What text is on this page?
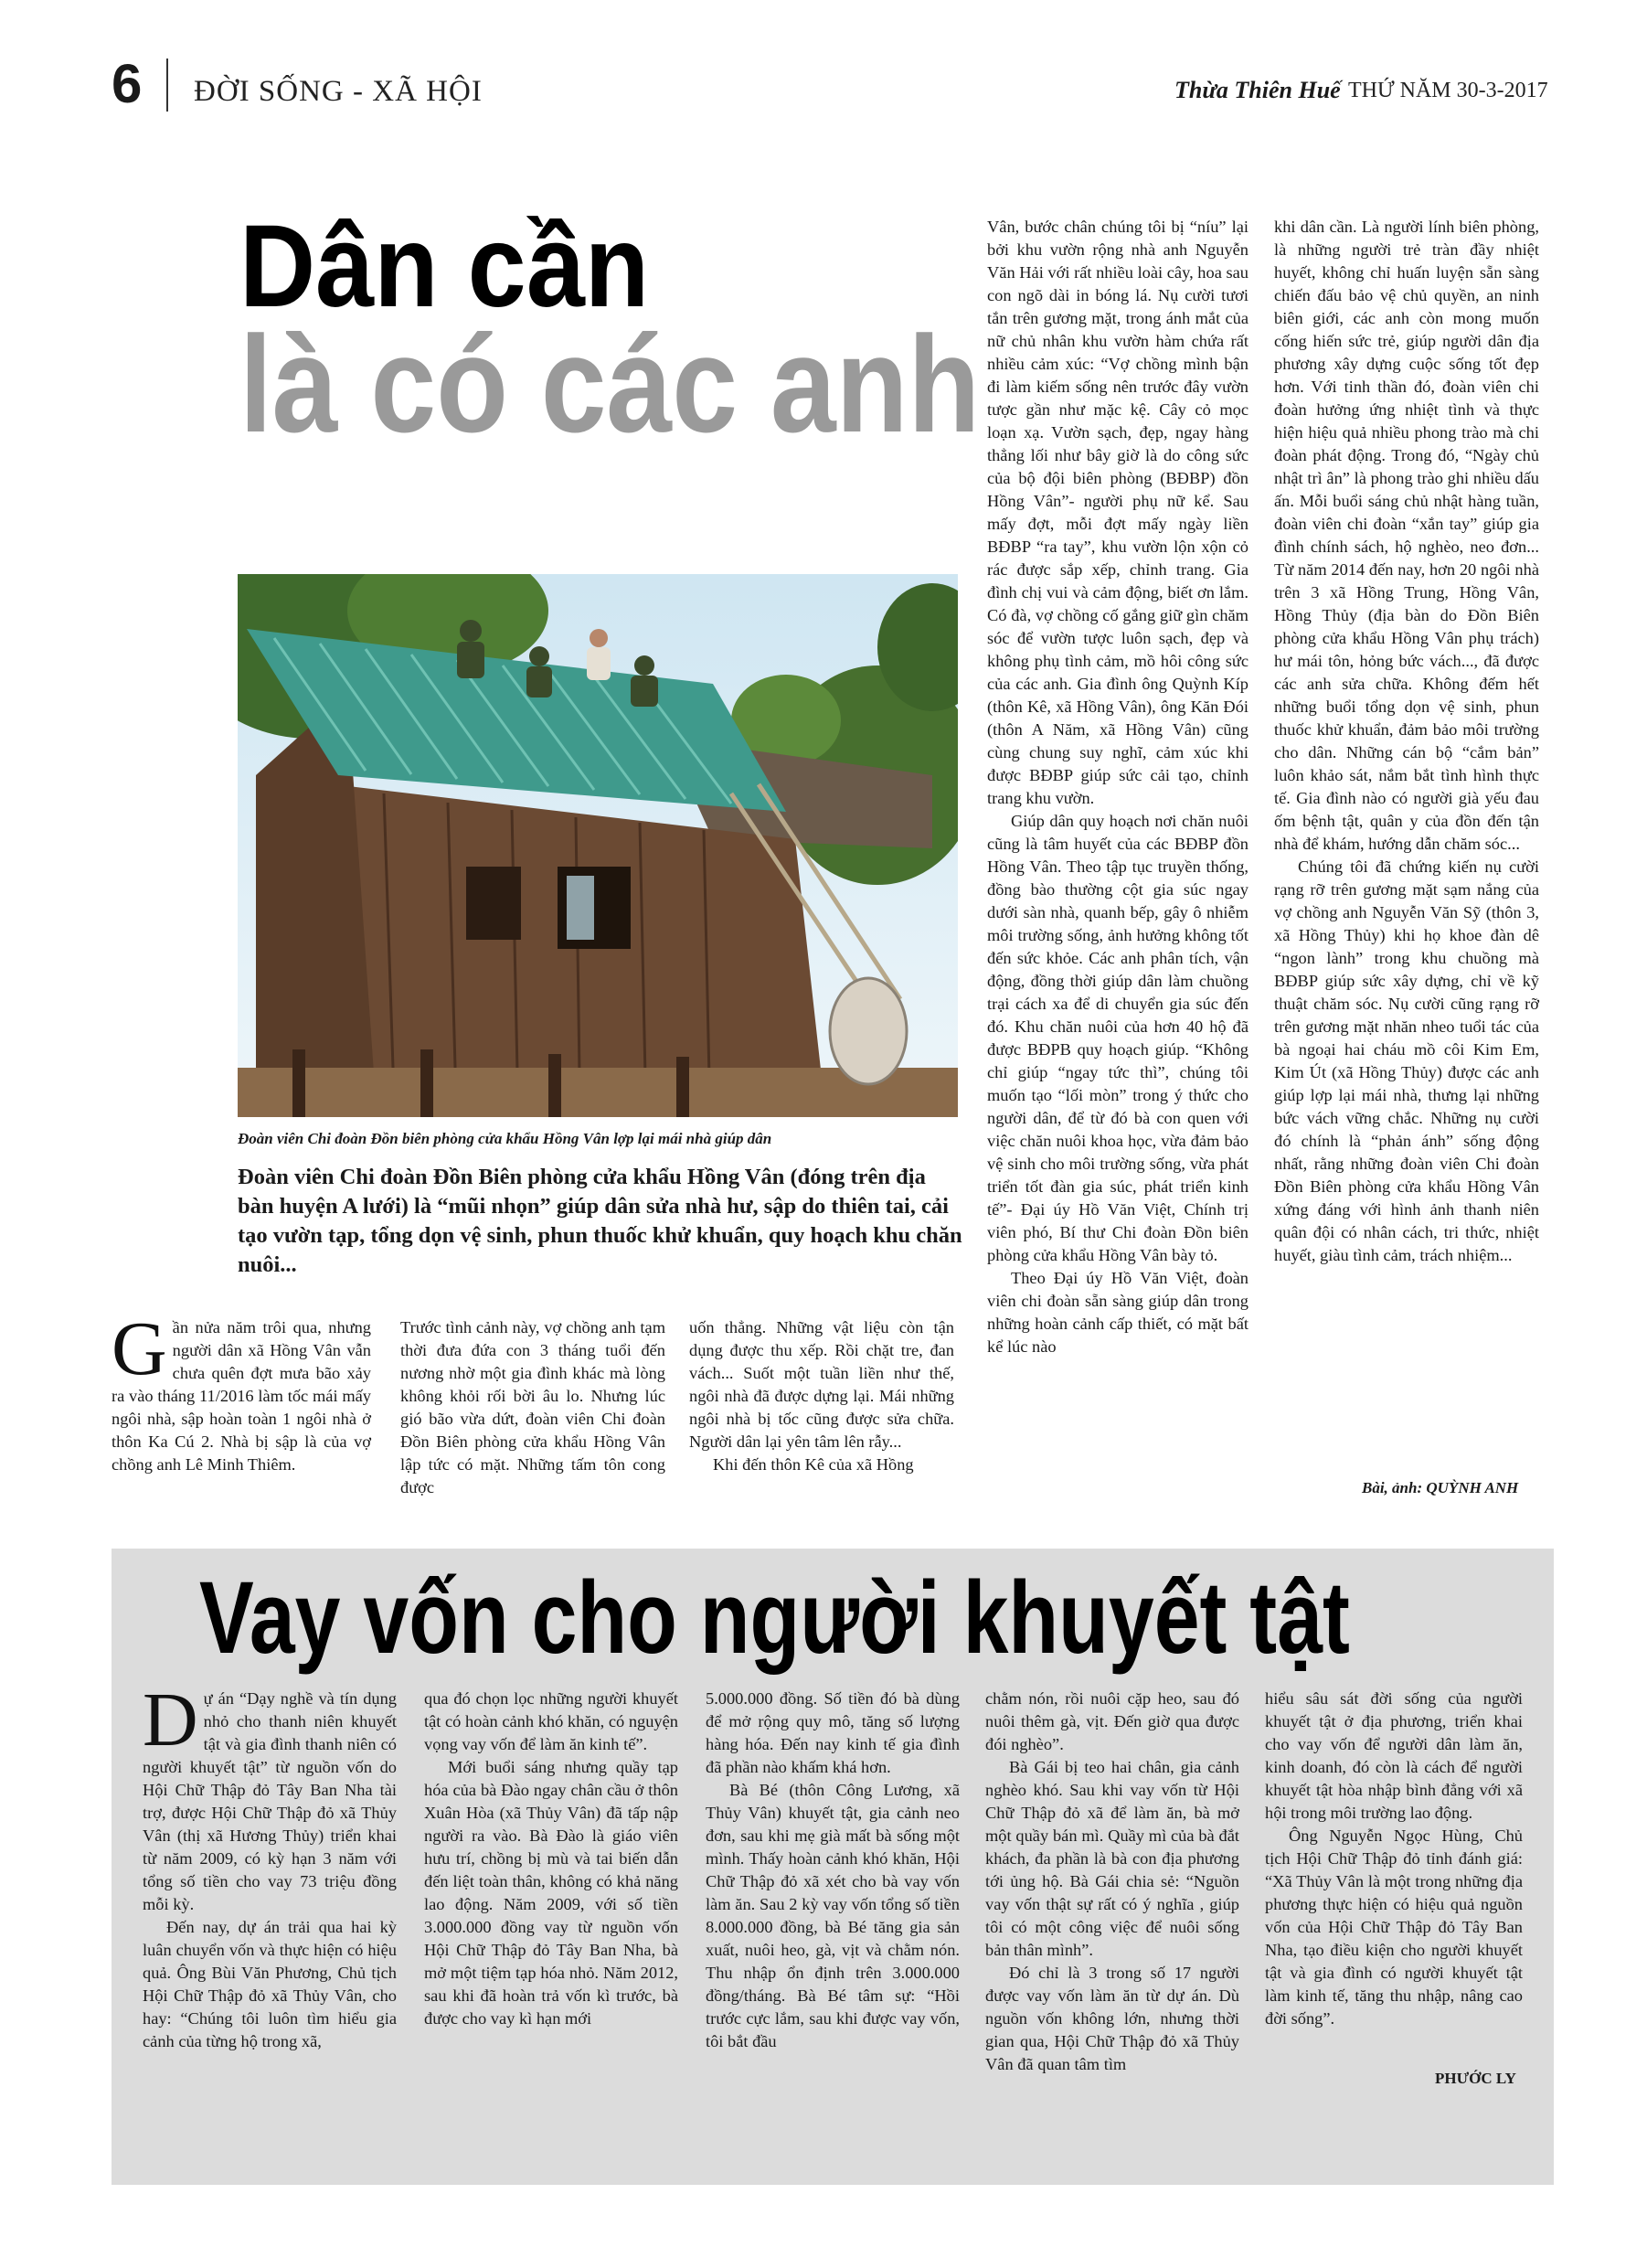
6 ĐỜI SỐNG - XÃ HỘI	Thừa Thiên Huế THỨ NĂM 30-3-2017
Dân cần
là có các anh
Đoàn viên Chi đoàn Đồn biên phòng cửa khẩu Hồng Vân lợp lại mái nhà giúp dân
Đoàn viên Chi đoàn Đồn Biên phòng cửa khẩu Hồng Vân (đóng trên địa bàn huyện A lưới) là “mũi nhọn” giúp dân sửa nhà hư, sập do thiên tai, cải tạo vườn tạp, tổng dọn vệ sinh, phun thuốc khử khuẩn, quy hoạch khu chăn nuôi...

Gần nửa năm trôi qua, nhưng người dân xã Hồng Vân vẫn chưa quên đợt mưa bão xảy ra vào tháng 11/2016 làm tốc mái mấy ngôi nhà, sập hoàn toàn 1 ngôi nhà ở thôn Ka Cú 2. Nhà bị sập là của vợ chồng anh Lê Minh Thiêm.

Trước tình cảnh này, vợ chồng anh tạm thời đưa đứa con 3 tháng tuổi đến nương nhờ một gia đình khác mà lòng không khỏi rối bời âu lo. Nhưng lúc gió bão vừa dứt, đoàn viên Chi đoàn Đồn Biên phòng cửa khẩu Hồng Vân lập tức có mặt. Những tấm tôn cong được

uốn thẳng. Những vật liệu còn tận dụng được thu xếp. Rồi chặt tre, đan vách... Suốt một tuần liền như thế, ngôi nhà đã được dựng lại. Mái những ngôi nhà bị tốc cũng được sửa chữa. Người dân lại yên tâm lên rẫy...

Khi đến thôn Kê của xã Hồng

Vân, bước chân chúng tôi bị “níu” lại bởi khu vườn rộng nhà anh Nguyễn Văn Hải với rất nhiều loài cây, hoa sau con ngõ dài in bóng lá. Nụ cười tươi tắn trên gương mặt, trong ánh mắt của nữ chủ nhân khu vườn hàm chứa rất nhiều cảm xúc: “Vợ chồng mình bận đi làm kiếm sống nên trước đây vườn tược gần như mặc kệ. Cây cỏ mọc loạn xạ. Vườn sạch, đẹp, ngay hàng thẳng lối như bây giờ là do công sức của bộ đội biên phòng (BĐBP) đồn Hồng Vân”- người phụ nữ kể. Sau mấy đợt, mỗi đợt mấy ngày liền BĐBP “ra tay”, khu vườn lộn xộn cỏ rác được sắp xếp, chỉnh trang. Gia đình chị vui và cảm động, biết ơn lắm. Có đà, vợ chồng cố gắng giữ gìn chăm sóc để vườn tược luôn sạch, đẹp và không phụ tình cảm, mồ hôi công sức của các anh. Gia đình ông Quỳnh Kíp (thôn Kê, xã Hồng Vân), ông Kăn Đói (thôn A Năm, xã Hồng Vân) cũng cùng chung suy nghĩ, cảm xúc khi được BĐBP giúp sức cải tạo, chỉnh trang khu vườn.

Giúp dân quy hoạch nơi chăn nuôi cũng là tâm huyết của các BĐBP đồn Hồng Vân. Theo tập tục truyền thống, đồng bào thường cột gia súc ngay dưới sàn nhà, quanh bếp, gây ô nhiễm môi trường sống, ảnh hưởng không tốt đến sức khỏe. Các anh phân tích, vận động, đồng thời giúp dân làm chuồng trại cách xa để di chuyển gia súc đến đó. Khu chăn nuôi của hơn 40 hộ đã được BĐPB quy hoạch giúp. “Không chỉ giúp “ngay tức thì”, chúng tôi muốn tạo “lối mòn” trong ý thức cho người dân, để từ đó bà con quen với việc chăn nuôi khoa học, vừa đảm bảo vệ sinh cho môi trường sống, vừa phát triển tốt đàn gia súc, phát triển kinh tế”- Đại úy Hồ Văn Việt, Chính trị viên phó, Bí thư Chi đoàn Đồn biên phòng cửa khẩu Hồng Vân bày tỏ.

Theo Đại úy Hồ Văn Việt, đoàn viên chi đoàn sẵn sàng giúp dân trong những hoàn cảnh cấp thiết, có mặt bất kể lúc nào

khi dân cần. Là người lính biên phòng, là những người trẻ tràn đầy nhiệt huyết, không chỉ huấn luyện sẵn sàng chiến đấu bảo vệ chủ quyền, an ninh biên giới, các anh còn mong muốn cống hiến sức trẻ, giúp người dân địa phương xây dựng cuộc sống tốt đẹp hơn. Với tinh thần đó, đoàn viên chi đoàn hưởng ứng nhiệt tình và thực hiện hiệu quả nhiều phong trào mà chi đoàn phát động. Trong đó, “Ngày chủ nhật trì ân” là phong trào ghi nhiều dấu ấn. Mỗi buổi sáng chủ nhật hàng tuần, đoàn viên chi đoàn “xắn tay” giúp gia đình chính sách, hộ nghèo, neo đơn... Từ năm 2014 đến nay, hơn 20 ngôi nhà trên 3 xã Hồng Trung, Hồng Vân, Hồng Thủy (địa bàn do Đồn Biên phòng cửa khẩu Hồng Vân phụ trách) hư mái tôn, hỏng bức vách..., đã được các anh sửa chữa. Không đếm hết những buổi tổng dọn vệ sinh, phun thuốc khử khuẩn, đảm bảo môi trường cho dân. Những cán bộ “cắm bản” luôn khảo sát, nắm bắt tình hình thực tế. Gia đình nào có người già yếu đau ốm bệnh tật, quân y của đồn đến tận nhà để khám, hướng dẫn chăm sóc...

Chúng tôi đã chứng kiến nụ cười rạng rỡ trên gương mặt sạm nắng của vợ chồng anh Nguyễn Văn Sỹ (thôn 3, xã Hồng Thủy) khi họ khoe đàn dê “ngon lành” trong khu chuồng mà BĐBP giúp sức xây dựng, chỉ về kỹ thuật chăm sóc. Nụ cười cũng rạng rỡ trên gương mặt nhăn nheo tuổi tác của bà ngoại hai cháu mồ côi Kim Em, Kim Út (xã Hồng Thủy) được các anh giúp lợp lại mái nhà, thưng lại những bức vách vững chắc. Những nụ cười đó chính là “phản ánh” sống động nhất, rằng những đoàn viên Chi đoàn Đồn Biên phòng cửa khẩu Hồng Vân xứng đáng với hình ảnh thanh niên quân đội có nhân cách, tri thức, nhiệt huyết, giàu tình cảm, trách nhiệm...

Bài, ảnh: QUỲNH ANH
Vay vốn cho người khuyết tật

Dự án “Dạy nghề và tín dụng nhỏ cho thanh niên khuyết tật và gia đình thanh niên có người khuyết tật” từ nguồn vốn do Hội Chữ Thập đỏ Tây Ban Nha tài trợ, được Hội Chữ Thập đỏ xã Thủy Vân (thị xã Hương Thủy) triển khai từ năm 2009, có kỳ hạn 3 năm với tổng số tiền cho vay 73 triệu đồng mỗi kỳ.

Đến nay, dự án trải qua hai kỳ luân chuyển vốn và thực hiện có hiệu quả. Ông Bùi Văn Phương, Chủ tịch Hội Chữ Thập đỏ xã Thủy Vân, cho hay: “Chúng tôi luôn tìm hiểu gia cảnh của từng hộ trong xã,

qua đó chọn lọc những người khuyết tật có hoàn cảnh khó khăn, có nguyện vọng vay vốn để làm ăn kinh tế”.

Mới buổi sáng nhưng quầy tạp hóa của bà Đào ngay chân cầu ở thôn Xuân Hòa (xã Thủy Vân) đã tấp nập người ra vào. Bà Đào là giáo viên hưu trí, chồng bị mù và tai biến dẫn đến liệt toàn thân, không có khả năng lao động. Năm 2009, với số tiền 3.000.000 đồng vay từ nguồn vốn Hội Chữ Thập đỏ Tây Ban Nha, bà mở một tiệm tạp hóa nhỏ. Năm 2012, sau khi đã hoàn trả vốn kì trước, bà được cho vay kì hạn mới

5.000.000 đồng. Số tiền đó bà dùng để mở rộng quy mô, tăng số lượng hàng hóa. Đến nay kinh tế gia đình đã phần nào khấm khá hơn.

Bà Bé (thôn Công Lương, xã Thủy Vân) khuyết tật, gia cảnh neo đơn, sau khi mẹ già mất bà sống một mình. Thấy hoàn cảnh khó khăn, Hội Chữ Thập đỏ xã xét cho bà vay vốn làm ăn. Sau 2 kỳ vay vốn tổng số tiền 8.000.000 đồng, bà Bé tăng gia sản xuất, nuôi heo, gà, vịt và chằm nón. Thu nhập ổn định trên 3.000.000 đồng/tháng. Bà Bé tâm sự: “Hồi trước cực lắm, sau khi được vay vốn, tôi bắt đầu

chằm nón, rồi nuôi cặp heo, sau đó nuôi thêm gà, vịt. Đến giờ qua được đói nghèo”.

Bà Gái bị teo hai chân, gia cảnh nghèo khó. Sau khi vay vốn từ Hội Chữ Thập đỏ xã để làm ăn, bà mở một quầy bán mì. Quầy mì của bà đắt khách, đa phần là bà con địa phương tới ủng hộ. Bà Gái chia sẻ: “Nguồn vay vốn thật sự rất có ý nghĩa , giúp tôi có một công việc để nuôi sống bản thân mình”.

Đó chỉ là 3 trong số 17 người được vay vốn làm ăn từ dự án. Dù nguồn vốn không lớn, nhưng thời gian qua, Hội Chữ Thập đỏ xã Thủy Vân đã quan tâm tìm

hiểu sâu sát đời sống của người khuyết tật ở địa phương, triển khai cho vay vốn để người dân làm ăn, kinh doanh, đó còn là cách để người khuyết tật hòa nhập bình đẳng với xã hội trong môi trường lao động.

Ông Nguyễn Ngọc Hùng, Chủ tịch Hội Chữ Thập đỏ tỉnh đánh giá: “Xã Thủy Vân là một trong những địa phương thực hiện có hiệu quả nguồn vốn của Hội Chữ Thập đỏ Tây Ban Nha, tạo điều kiện cho người khuyết tật và gia đình có người khuyết tật làm kinh tế, tăng thu nhập, nâng cao đời sống”.

PHƯỚC LY
